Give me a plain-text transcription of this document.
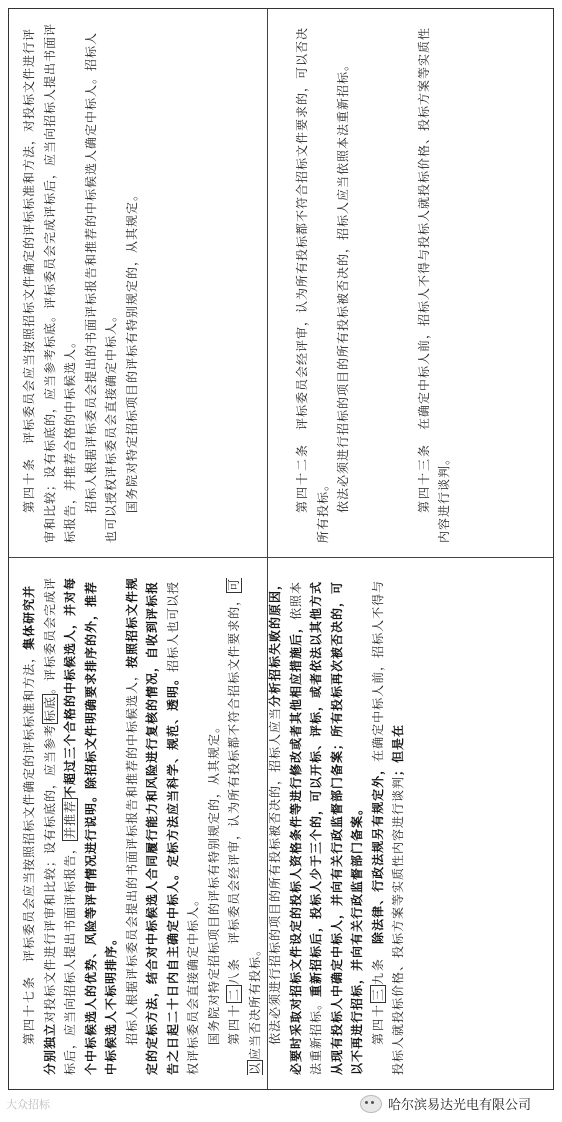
第四十条　评标委员会应当按照招标文件确定的评标标准和方法，对投标文件进行评审和比较；设有标底的，应当参考标底。评标委员会完成评标后，应当向招标人提出书面评标报告，并推荐合格的中标候选人。 招标人根据评标委员会提出的书面评标报告和推荐的中标候选人确定中标人。招标人也可以授权评标委员会直接确定中标人。 国务院对特定招标项目的评标有特别规定的，从其规定。	第四十二条　评标委员会经评审，认为所有投标都不符合招标文件要求的，可以否决所有投标。 依法必须进行招标的项目的所有投标被否决的，招标人应当依照本法重新招标。	第四十三条　在确定中标人前，招标人不得与投标人就投标价格、投标方案等实质性内容进行谈判。

第四十七条　评标委员会应当按照招标文件确定的评标标准和方法，集体研究并分别独立对投标文件进行评审和比较；设有标底的，应当参考标底。评标委员会完成评标后，应当向招标人提出书面评标报告，并推荐不超过三个合格的中标候选人，并对每个中标候选人的优势、风险等评审情况进行说明。除招标文件明确要求排序的外，推荐中标候选人不标明排序。 招标人根据评标委员会提出的书面评标报告和推荐的中标候选人，按照招标文件规定的定标方法，结合对中标候选人合同履行能力和风险进行复核的情况，自收到评标报告之日起二十日内自主确定中标人。定标方法应当科学、规范、透明。招标人也可以授权评标委员会直接确定中标人。 国务院对特定招标项目的评标有特别规定的，从其规定。 第四十二八条　评标委员会经评审，认为所有投标都不符合招标文件要求的，可以应当否决所有投标。 依法必须进行招标的项目的所有投标被否决的，招标人应当分析招标失败的原因，必要时采取对招标文件设定的投标人资格条件等进行修改或者其他相应措施后，依照本法重新招标。重新招标后，投标人少于三个的，可以开标、评标，或者依法以其他方式从现有投标人中确定中标人，并向有关行政监督部门备案；所有投标再次被否决的，可以不再进行招标，并向有关行政监督部门备案。 第四十三九条　除法律、行政法规另有规定外，在确定中标人前，招标人不得与投标人就投标价格、投标方案等实质性内容进行谈判；但是在

大众招标	哈尔滨易达光电有限公司
